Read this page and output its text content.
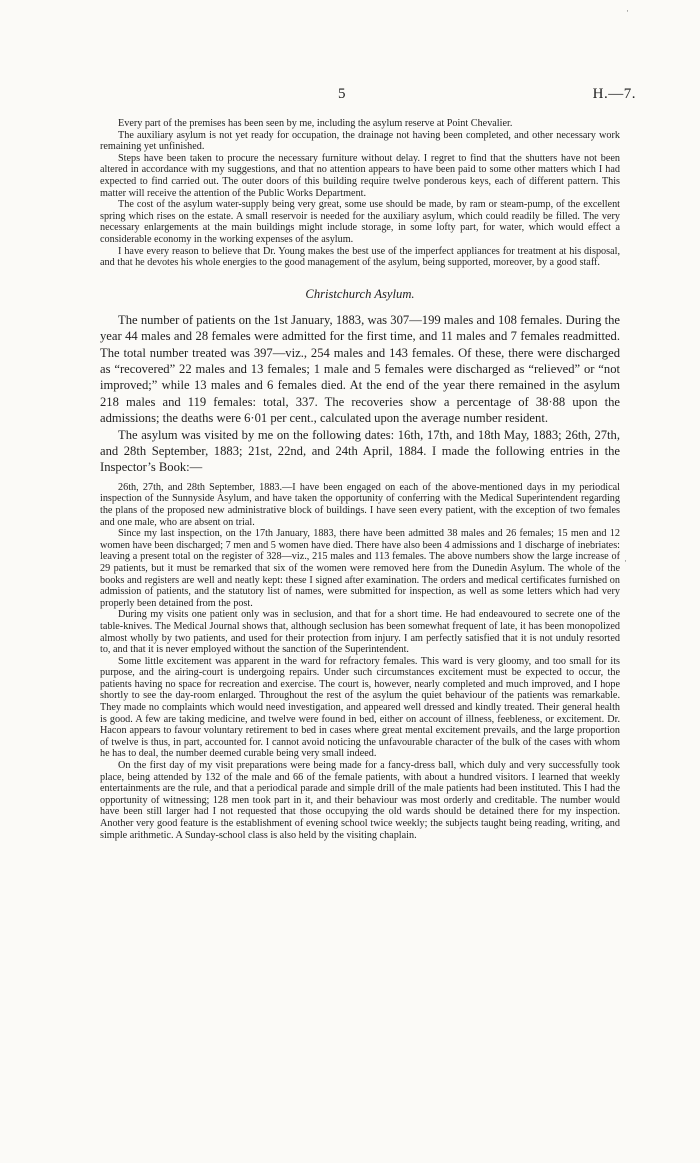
5	H.—7.
·
·

Every part of the premises has been seen by me, including the asylum reserve at Point Chevalier.

The auxiliary asylum is not yet ready for occupation, the drainage not having been completed, and other necessary work remaining yet unfinished.

Steps have been taken to procure the necessary furniture without delay. I regret to find that the shutters have not been altered in accordance with my suggestions, and that no attention appears to have been paid to some other matters which I had expected to find carried out. The outer doors of this building require twelve ponderous keys, each of different pattern. This matter will receive the attention of the Public Works Department.

The cost of the asylum water-supply being very great, some use should be made, by ram or steam-pump, of the excellent spring which rises on the estate. A small reservoir is needed for the auxiliary asylum, which could readily be filled. The very necessary enlargements at the main buildings might include storage, in some lofty part, for water, which would effect a considerable economy in the working expenses of the asylum.

I have every reason to believe that Dr. Young makes the best use of the imperfect appliances for treatment at his disposal, and that he devotes his whole energies to the good management of the asylum, being supported, moreover, by a good staff.

Christchurch Asylum.

The number of patients on the 1st January, 1883, was 307—199 males and 108 females. During the year 44 males and 28 females were admitted for the first time, and 11 males and 7 females readmitted. The total number treated was 397—viz., 254 males and 143 females. Of these, there were discharged as “recovered” 22 males and 13 females; 1 male and 5 females were discharged as “relieved” or “not improved;” while 13 males and 6 females died. At the end of the year there remained in the asylum 218 males and 119 females: total, 337. The recoveries show a percentage of 38·88 upon the admissions; the deaths were 6·01 per cent., calculated upon the average number resident.

The asylum was visited by me on the following dates: 16th, 17th, and 18th May, 1883; 26th, 27th, and 28th September, 1883; 21st, 22nd, and 24th April, 1884. I made the following entries in the Inspector’s Book:—

26th, 27th, and 28th September, 1883.—I have been engaged on each of the above-mentioned days in my periodical inspection of the Sunnyside Asylum, and have taken the opportunity of conferring with the Medical Superintendent regarding the plans of the proposed new administrative block of buildings. I have seen every patient, with the exception of two females and one male, who are absent on trial.

Since my last inspection, on the 17th January, 1883, there have been admitted 38 males and 26 females; 15 men and 12 women have been discharged; 7 men and 5 women have died. There have also been 4 admissions and 1 discharge of inebriates: leaving a present total on the register of 328—viz., 215 males and 113 females. The above numbers show the large increase of 29 patients, but it must be remarked that six of the women were removed here from the Dunedin Asylum. The whole of the books and registers are well and neatly kept: these I signed after examination. The orders and medical certificates furnished on admission of patients, and the statutory list of names, were submitted for inspection, as well as some letters which had very properly been detained from the post.

During my visits one patient only was in seclusion, and that for a short time. He had endeavoured to secrete one of the table-knives. The Medical Journal shows that, although seclusion has been somewhat frequent of late, it has been monopolized almost wholly by two patients, and used for their protection from injury. I am perfectly satisfied that it is not unduly resorted to, and that it is never employed without the sanction of the Superintendent.

Some little excitement was apparent in the ward for refractory females. This ward is very gloomy, and too small for its purpose, and the airing-court is undergoing repairs. Under such circumstances excitement must be expected to occur, the patients having no space for recreation and exercise. The court is, however, nearly completed and much improved, and I hope shortly to see the day-room enlarged. Throughout the rest of the asylum the quiet behaviour of the patients was remarkable. They made no complaints which would need investigation, and appeared well dressed and kindly treated. Their general health is good. A few are taking medicine, and twelve were found in bed, either on account of illness, feebleness, or excitement. Dr. Hacon appears to favour voluntary retirement to bed in cases where great mental excitement prevails, and the large proportion of twelve is thus, in part, accounted for. I cannot avoid noticing the unfavourable character of the bulk of the cases with whom he has to deal, the number deemed curable being very small indeed.

On the first day of my visit preparations were being made for a fancy-dress ball, which duly and very successfully took place, being attended by 132 of the male and 66 of the female patients, with about a hundred visitors. I learned that weekly entertainments are the rule, and that a periodical parade and simple drill of the male patients had been instituted. This I had the opportunity of witnessing; 128 men took part in it, and their behaviour was most orderly and creditable. The number would have been still larger had I not requested that those occupying the old wards should be detained there for my inspection. Another very good feature is the establishment of evening school twice weekly; the subjects taught being reading, writing, and simple arithmetic. A Sunday-school class is also held by the visiting chaplain.
